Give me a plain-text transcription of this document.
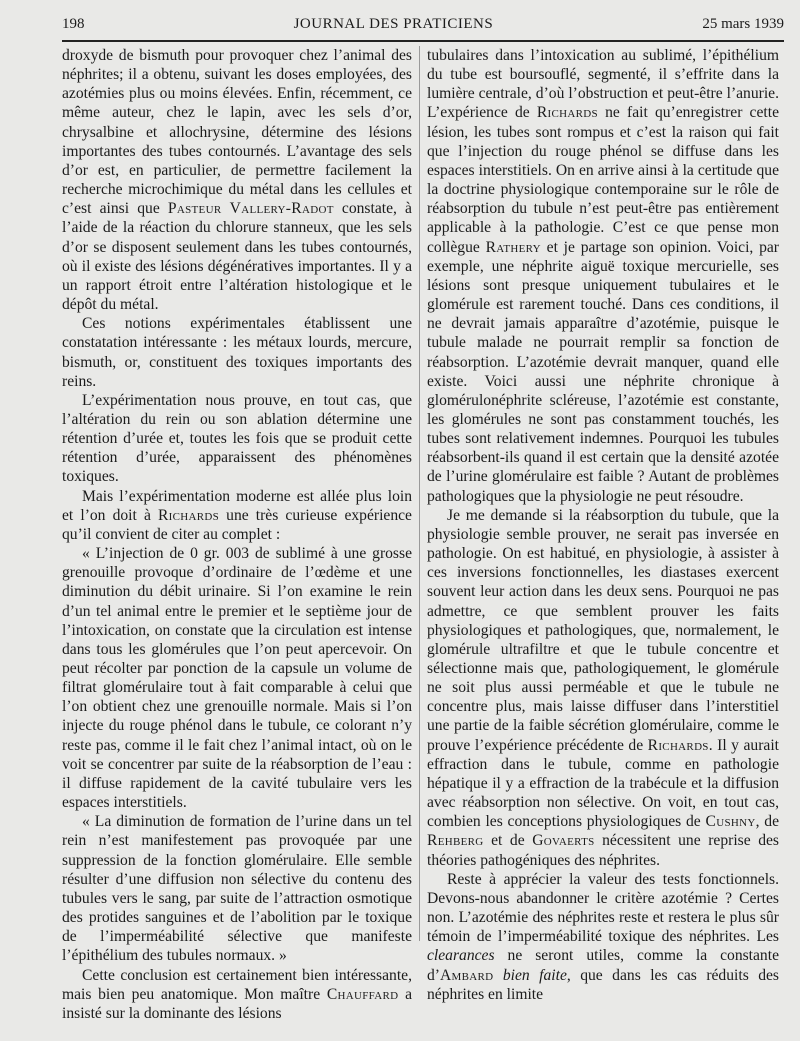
198	JOURNAL DES PRATICIENS	25 mars 1939

droxyde de bismuth pour provoquer chez l’animal des néphrites; il a obtenu, suivant les doses employées, des azotémies plus ou moins élevées. Enfin, récemment, ce même auteur, chez le lapin, avec les sels d’or, chrysalbine et allochrysine, détermine des lésions importantes des tubes contournés. L’avantage des sels d’or est, en particulier, de permettre facilement la recherche microchimique du métal dans les cellules et c’est ainsi que Pasteur Vallery-Radot constate, à l’aide de la réaction du chlorure stanneux, que les sels d’or se disposent seulement dans les tubes contournés, où il existe des lésions dégénératives importantes. Il y a un rapport étroit entre l’altération histologique et le dépôt du métal.

Ces notions expérimentales établissent une constatation intéressante : les métaux lourds, mercure, bismuth, or, constituent des toxiques importants des reins.

L’expérimentation nous prouve, en tout cas, que l’altération du rein ou son ablation détermine une rétention d’urée et, toutes les fois que se produit cette rétention d’urée, apparaissent des phénomènes toxiques.

Mais l’expérimentation moderne est allée plus loin et l’on doit à Richards une très curieuse expérience qu’il convient de citer au complet :

« L’injection de 0 gr. 003 de sublimé à une grosse grenouille provoque d’ordinaire de l’œdème et une diminution du débit urinaire. Si l’on examine le rein d’un tel animal entre le premier et le septième jour de l’intoxication, on constate que la circulation est intense dans tous les glomérules que l’on peut apercevoir. On peut récolter par ponction de la capsule un volume de filtrat glomérulaire tout à fait comparable à celui que l’on obtient chez une grenouille normale. Mais si l’on injecte du rouge phénol dans le tubule, ce colorant n’y reste pas, comme il le fait chez l’animal intact, où on le voit se concentrer par suite de la réabsorption de l’eau : il diffuse rapidement de la cavité tubulaire vers les espaces interstitiels.

« La diminution de formation de l’urine dans un tel rein n’est manifestement pas provoquée par une suppression de la fonction glomérulaire. Elle semble résulter d’une diffusion non sélective du contenu des tubules vers le sang, par suite de l’attraction osmotique des protides sanguines et de l’abolition par le toxique de l’imperméabilité sélective que manifeste l’épithélium des tubules normaux. »

Cette conclusion est certainement bien intéressante, mais bien peu anatomique. Mon maître Chauffard a insisté sur la dominante des lésions

tubulaires dans l’intoxication au sublimé, l’épithélium du tube est boursouflé, segmenté, il s’effrite dans la lumière centrale, d’où l’obstruction et peut-être l’anurie. L’expérience de Richards ne fait qu’enregistrer cette lésion, les tubes sont rompus et c’est la raison qui fait que l’injection du rouge phénol se diffuse dans les espaces interstitiels. On en arrive ainsi à la certitude que la doctrine physiologique contemporaine sur le rôle de réabsorption du tubule n’est peut-être pas entièrement applicable à la pathologie. C’est ce que pense mon collègue Rathery et je partage son opinion. Voici, par exemple, une néphrite aiguë toxique mercurielle, ses lésions sont presque uniquement tubulaires et le glomérule est rarement touché. Dans ces conditions, il ne devrait jamais apparaître d’azotémie, puisque le tubule malade ne pourrait remplir sa fonction de réabsorption. L’azotémie devrait manquer, quand elle existe. Voici aussi une néphrite chronique à glomérulonéphrite scléreuse, l’azotémie est constante, les glomérules ne sont pas constamment touchés, les tubes sont relativement indemnes. Pourquoi les tubules réabsorbent-ils quand il est certain que la densité azotée de l’urine glomérulaire est faible ? Autant de problèmes pathologiques que la physiologie ne peut résoudre.

Je me demande si la réabsorption du tubule, que la physiologie semble prouver, ne serait pas inversée en pathologie. On est habitué, en physiologie, à assister à ces inversions fonctionnelles, les diastases exercent souvent leur action dans les deux sens. Pourquoi ne pas admettre, ce que semblent prouver les faits physiologiques et pathologiques, que, normalement, le glomérule ultrafiltre et que le tubule concentre et sélectionne mais que, pathologiquement, le glomérule ne soit plus aussi perméable et que le tubule ne concentre plus, mais laisse diffuser dans l’interstitiel une partie de la faible sécrétion glomérulaire, comme le prouve l’expérience précédente de Richards. Il y aurait effraction dans le tubule, comme en pathologie hépatique il y a effraction de la trabécule et la diffusion avec réabsorption non sélective. On voit, en tout cas, combien les conceptions physiologiques de Cushny, de Rehberg et de Govaerts nécessitent une reprise des théories pathogéniques des néphrites.

Reste à apprécier la valeur des tests fonctionnels. Devons-nous abandonner le critère azotémie ? Certes non. L’azotémie des néphrites reste et restera le plus sûr témoin de l’imperméabilité toxique des néphrites. Les clearances ne seront utiles, comme la constante d’Ambard bien faite, que dans les cas réduits des néphrites en limite
